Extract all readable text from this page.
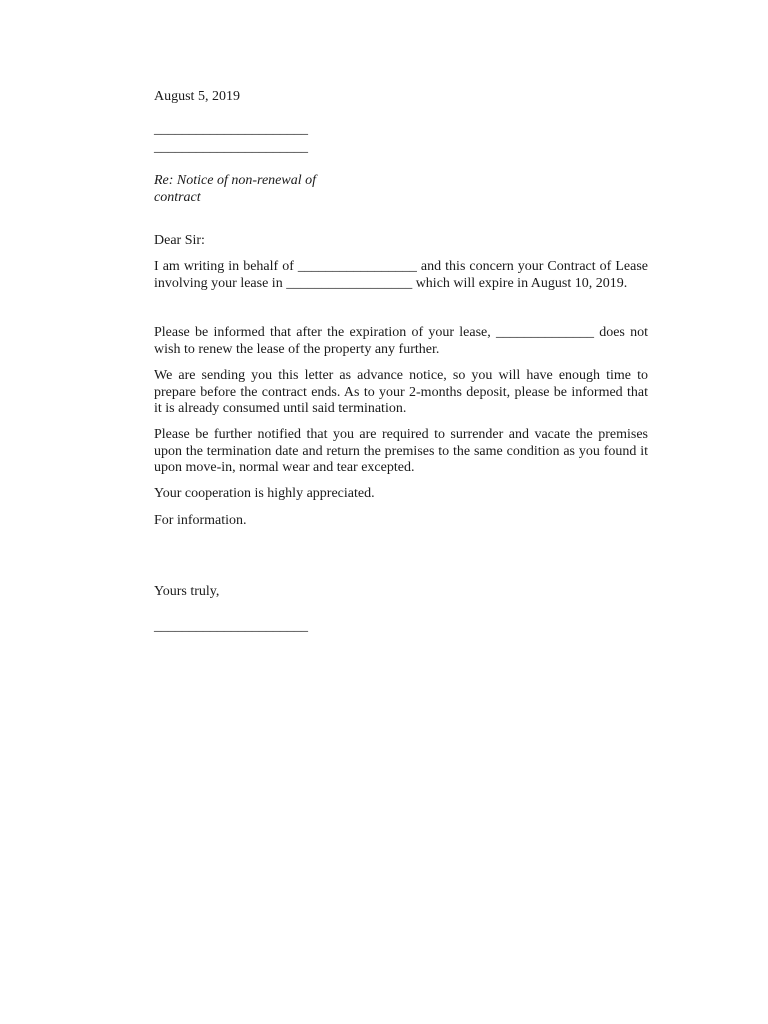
August 5, 2019
______________________
______________________
Re: Notice of non-renewal of contract
Dear Sir:
I am writing in behalf of _________________ and this concern your Contract of Lease involving your lease in __________________ which will expire in August 10, 2019.
Please be informed that after the expiration of your lease, ______________ does not wish to renew the lease of the property any further.
We are sending you this letter as advance notice, so you will have enough time to prepare before the contract ends. As to your 2-months deposit, please be informed that it is already consumed until said termination.
Please be further notified that you are required to surrender and vacate the premises upon the termination date and return the premises to the same condition as you found it upon move-in, normal wear and tear excepted.
Your cooperation is highly appreciated.
For information.
Yours truly,
______________________
